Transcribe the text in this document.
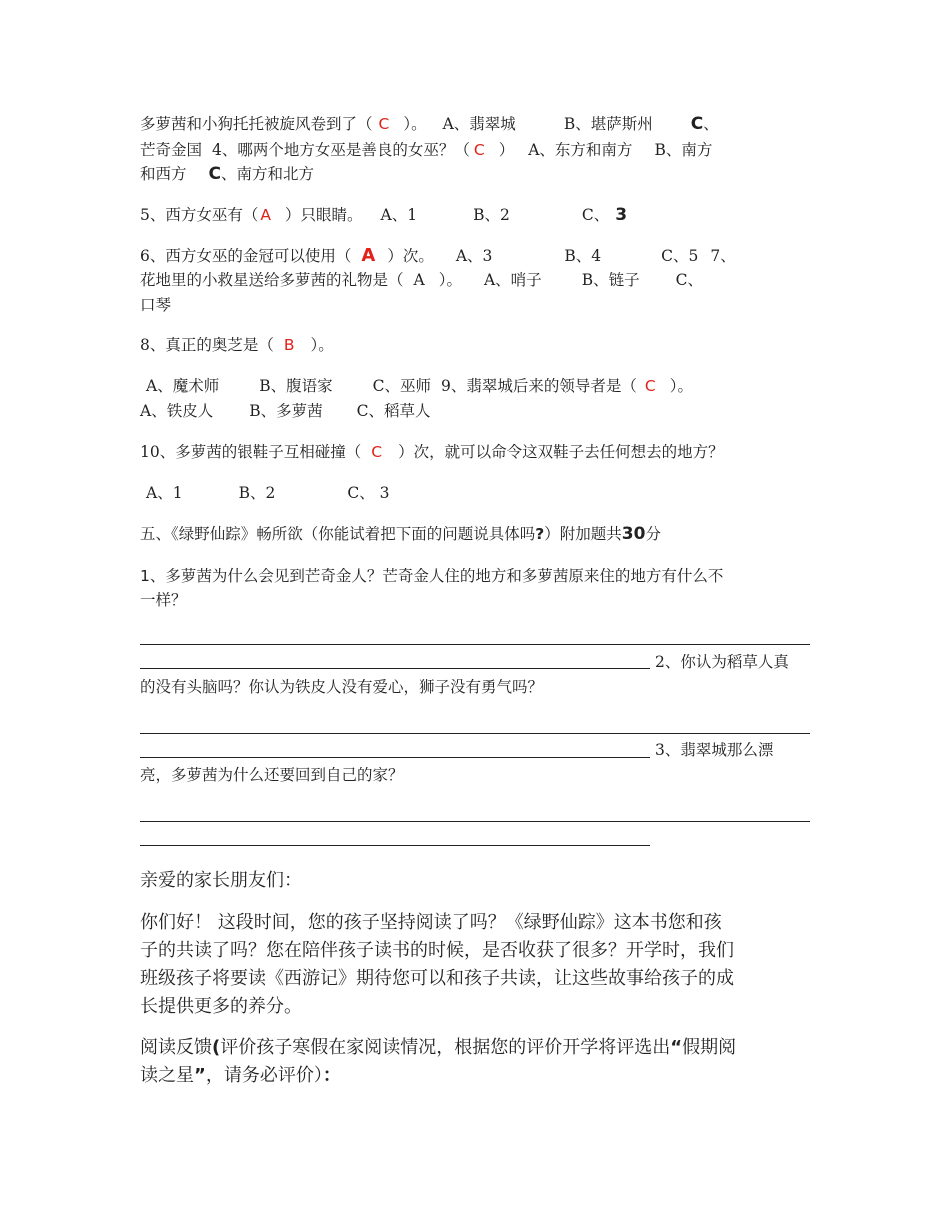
多萝茜和小狗托托被旋风卷到了（ C ）。 A、翡翠城	B、堪萨斯州 C、
芒奇金国 4、哪两个地方女巫是善良的女巫？（ C ） A、东方和南方 B、南方
和西方 C、南方和北方
5、西方女巫有（ A ）只眼睛。 A、1	B、2	C、 3
6、西方女巫的金冠可以使用（ A ）次。 A、3	B、4	C、5 7、
花地里的小救星送给多萝茜的礼物是（ A ）。 A、哨子	B、链子 C、
口琴
8、真正的奥芝是（ B ）。
A、魔术师	B、腹语家	C、巫师 9、翡翠城后来的领导者是（ C ）。
A、铁皮人 B、多萝茜 C、稻草人
10、多萝茜的银鞋子互相碰撞（ C ）次，就可以命令这双鞋子去任何想去的地方？
A、1	B、2	C、 3
五、《绿野仙踪》畅所欲（你能试着把下面的问题说具体吗?）附加题共30分
1、多萝茜为什么会见到芒奇金人？芒奇金人住的地方和多萝茜原来住的地方有什么不
一样？
2、你认为稻草人真
的没有头脑吗？你认为铁皮人没有爱心，狮子没有勇气吗？
3、翡翠城那么漂
亮，多萝茜为什么还要回到自己的家？
亲爱的家长朋友们：
你们好！ 这段时间，您的孩子坚持阅读了吗？《绿野仙踪》这本书您和孩
子的共读了吗？您在陪伴孩子读书的时候，是否收获了很多？开学时，我们
班级孩子将要读《西游记》期待您可以和孩子共读，让这些故事给孩子的成
长提供更多的养分。
阅读反馈(评价孩子寒假在家阅读情况，根据您的评价开学将评选出“假期阅
读之星”，请务必评价）：
